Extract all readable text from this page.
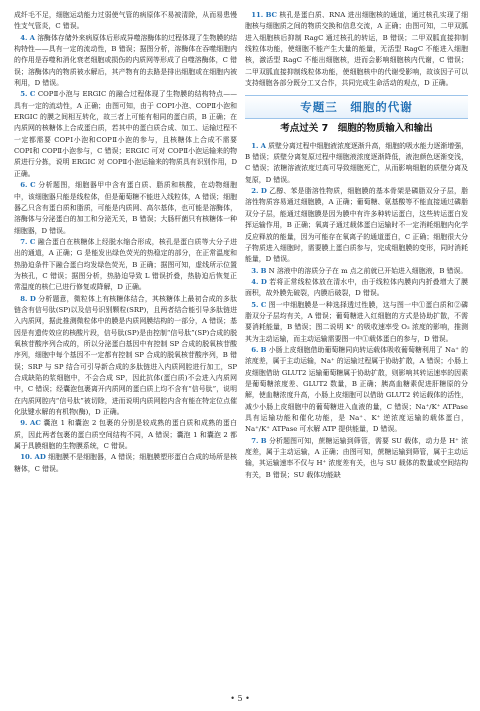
成纤毛不足，细胞运动能力过弱使气管的病原体不易被清除，从而易患慢性支气管炎，C 错误。

4. A 溶酶体存储外来病原体后形成异噬溶酶体的过程体现了生物膜的结构特性——具有一定的流动性，B 错误；据图分析，溶酶体在吞噬细胞内的作用是吞噬和消化衰老细胞或损伤的内质网等形成了自噬溶酶体，C 错误；溶酶体内的物质被水解后，其产物有的去路是排出细胞或在细胞内被利用，D 错误。

5. C COPⅡ小泡与 ERGIC 的融合过程体现了生物膜的结构特点——具有一定的流动性，A 正确；由图可知，由于 COPⅠ小泡、COPⅡ小泡和 ERGIC 的膜之间相互转化，故三者上可能有相同的蛋白质，B 正确；在内质网的核糖体上合成蛋白质，若其中的蛋白质合成、加工、运输过程不一定都需要 COPⅠ小泡和COPⅡ小泡的参与，且核糖体上合成不需要 COPⅠ和 COPⅡ小泡参与，C 错误；ERGIC 可对 COPⅡ小泡运输来的物质进行分拣，说明 ERGIC 对 COPⅡ小泡运输来的物质具有识别作用，D 正确。

6. C 分析题图，细胞器甲中含有蛋白质、脂质和核酸，在动物细胞中，该细胞器只能是线粒体，但是葡萄糖不能进入线粒体，A 错误；细胞器乙只含有蛋白质和脂质，可能是内质网、高尔基体，也可能是溶酶体，溶酶体与分泌蛋白的加工和分泌无关，B 错误；大肠杆菌只有核糖体一种细胞器，D 错误。

7. C 融合蛋白在核糖体上经脱水缩合形成，核孔是蛋白质等大分子进出的通道，A 正确；G 是能发出绿色荧光的热稳定的部分，在正常温度和热胁迫条件下融合蛋白均发绿色荧光，B 正确；据图可知，虚线所示位置为核孔，C 错误；据图分析，热胁迫导致 L 错误折叠，热胁迫后恢复正常温度的核仁已进行修复或降解，D 正确。

8. D 分析题意，微粒体上有核糖体结合，其核糖体上最初合成的多肽链含有信号肽(SP)以及信号识别颗粒(SRP)，且两者结合能引导多肽链进入内质网，据此推测微粒体中的膜是内质网膜结构的一部分，A 错误；基因是有遗传效应的核酸片段，信号肽(SP)是由控制“信号肽”(SP)合成的脱氧核苷酸序列合成的，所以分泌蛋白基因中有控制 SP 合成的脱氧核苷酸序列，细胞中每个基因不一定都有控制 SP 合成的脱氧核苷酸序列，B 错误；SRP 与 SP 结合可引导新合成的多肽链进入内质网腔进行加工，SP 合成缺陷的浆细胞中，不会合成 SP，因此抗体(蛋白质)不会进入内质网中，C 错误；经囊泡包裹离开内质网的蛋白质上均不含有“信号肽”，说明在内质网腔内“信号肽”被切除，进而说明内质网腔内含有能在特定位点催化肽键水解的有机物(酶)，D 正确。

9. AC 囊泡 1 和囊泡 2 包裹的分别是较成熟的蛋白质和成熟的蛋白质，因此两者包裹的蛋白质空间结构不同，A 错误；囊泡 1 和囊泡 2 都属于具膜细胞的生物膜系统，C 错误。

10. AD 细胞膜不是细胞器，A 错误；细胞膜塑形蛋白合成的场所是核糖体，C 错误。

11. BC 核孔是蛋白质、RNA 进出细胞核的通道，通过核孔实现了细胞核与细胞质之间的物质交换和信息交流，A 正确；由图可知，二甲双胍进入细胞核后抑制 RagC 通过核孔的转运，B 错误；二甲双胍直接抑制线粒体功能，使细胞不能产生大量的能量，无活型 RagC 不能进入细胞核，激活型 RagC 不能出细胞核，进而会影响细胞核内代谢，C 错误；二甲双胍直接抑制线粒体功能，使细胞核中的代谢受影响，故该因子可以支持细胞各部分既分工又合作，共同完成生命活动的观点，D 正确。

专题三　细胞的代谢
考点过关 7　细胞的物质输入和输出

1. A 质壁分离过程中细胞液浓度逐渐升高，细胞的吸水能力逐渐增强，B 错误；质壁分离复原过程中细胞液浓度逐渐降低，液泡颜色逐渐变浅，C 错误；浓糖溶液浓度过高可导致细胞死亡，从而影响细胞的质壁分离及复原，D 错误。

2. D 乙醇、苯是脂溶性物质，细胞膜的基本骨架是磷脂双分子层，脂溶性物质容易通过细胞膜，A 正确；葡萄糖、氨基酸等不能直接通过磷脂双分子层，能通过细胞膜是因为膜中有许多种转运蛋白，这些转运蛋白发挥运输作用，B 正确；氧离子通过载体蛋白运输时不一定消耗细胞内化学反应释放的能量，因为可能存在氧离子的通道蛋白，C 正确；细胞很大分子物质进入细胞时，需要膜上蛋白质参与，完成细胞膜的变形，同时消耗能量，D 错误。

3. B N 溶液中的溶质分子在 m 点之前就已开始进入细胞液，B 错误。

4. D 若将正常线粒体放在清水中，由于线粒体内膜向内折叠增大了膜面积，故外膜先破裂，内膜后破裂，D 错误。

5. C 图一中细胞膜是一种选择透过性膜，这与图一中①蛋白质和②磷脂双分子层均有关，A 错误；葡萄糖进入红细胞的方式是协助扩散，不需要消耗能量，B 错误；图二说明 K⁺ 的吸收速率受 O₂ 浓度的影响，推测其为主动运输，而主动运输需要图一中①载体蛋白的参与，D 错误。

6. B 小肠上皮细胞借助葡萄糖同向转运载体吸收葡萄糖利用了 Na⁺ 的浓度差，属于主动运输，Na⁺ 的运输过程属于协助扩散，A 错误；小肠上皮细胞借助 GLUT2 运输葡萄糖属于协助扩散，则影响其转运速率的因素是葡萄糖浓度差、GLUT2 数量，B 正确；胰高血糖素促进肝糖原的分解，使血糖浓度升高，小肠上皮细胞可以借助 GLUT2 转运载体的活性，减少小肠上皮细胞中的葡萄糖进入血液的量，C 错误；Na⁺/K⁺ ATPase 具有运输功能和催化功能，是 Na⁺、K⁺ 逆浓度运输的载体蛋白，Na⁺/K⁺ ATPase 可水解 ATP 提供能量，D 错误。

7. B 分析题图可知，蔗糖运输到筛管，需要 SU 载体，动力是 H⁺ 浓度差，属于主动运输，A 正确；由图可知，蔗糖运输到筛管，属于主动运输，其运输速率不仅与 H⁺ 浓度差有关，也与 SU 载体的数量或空间结构有关，B 错误；SU 载体功能缺

• 5 •
